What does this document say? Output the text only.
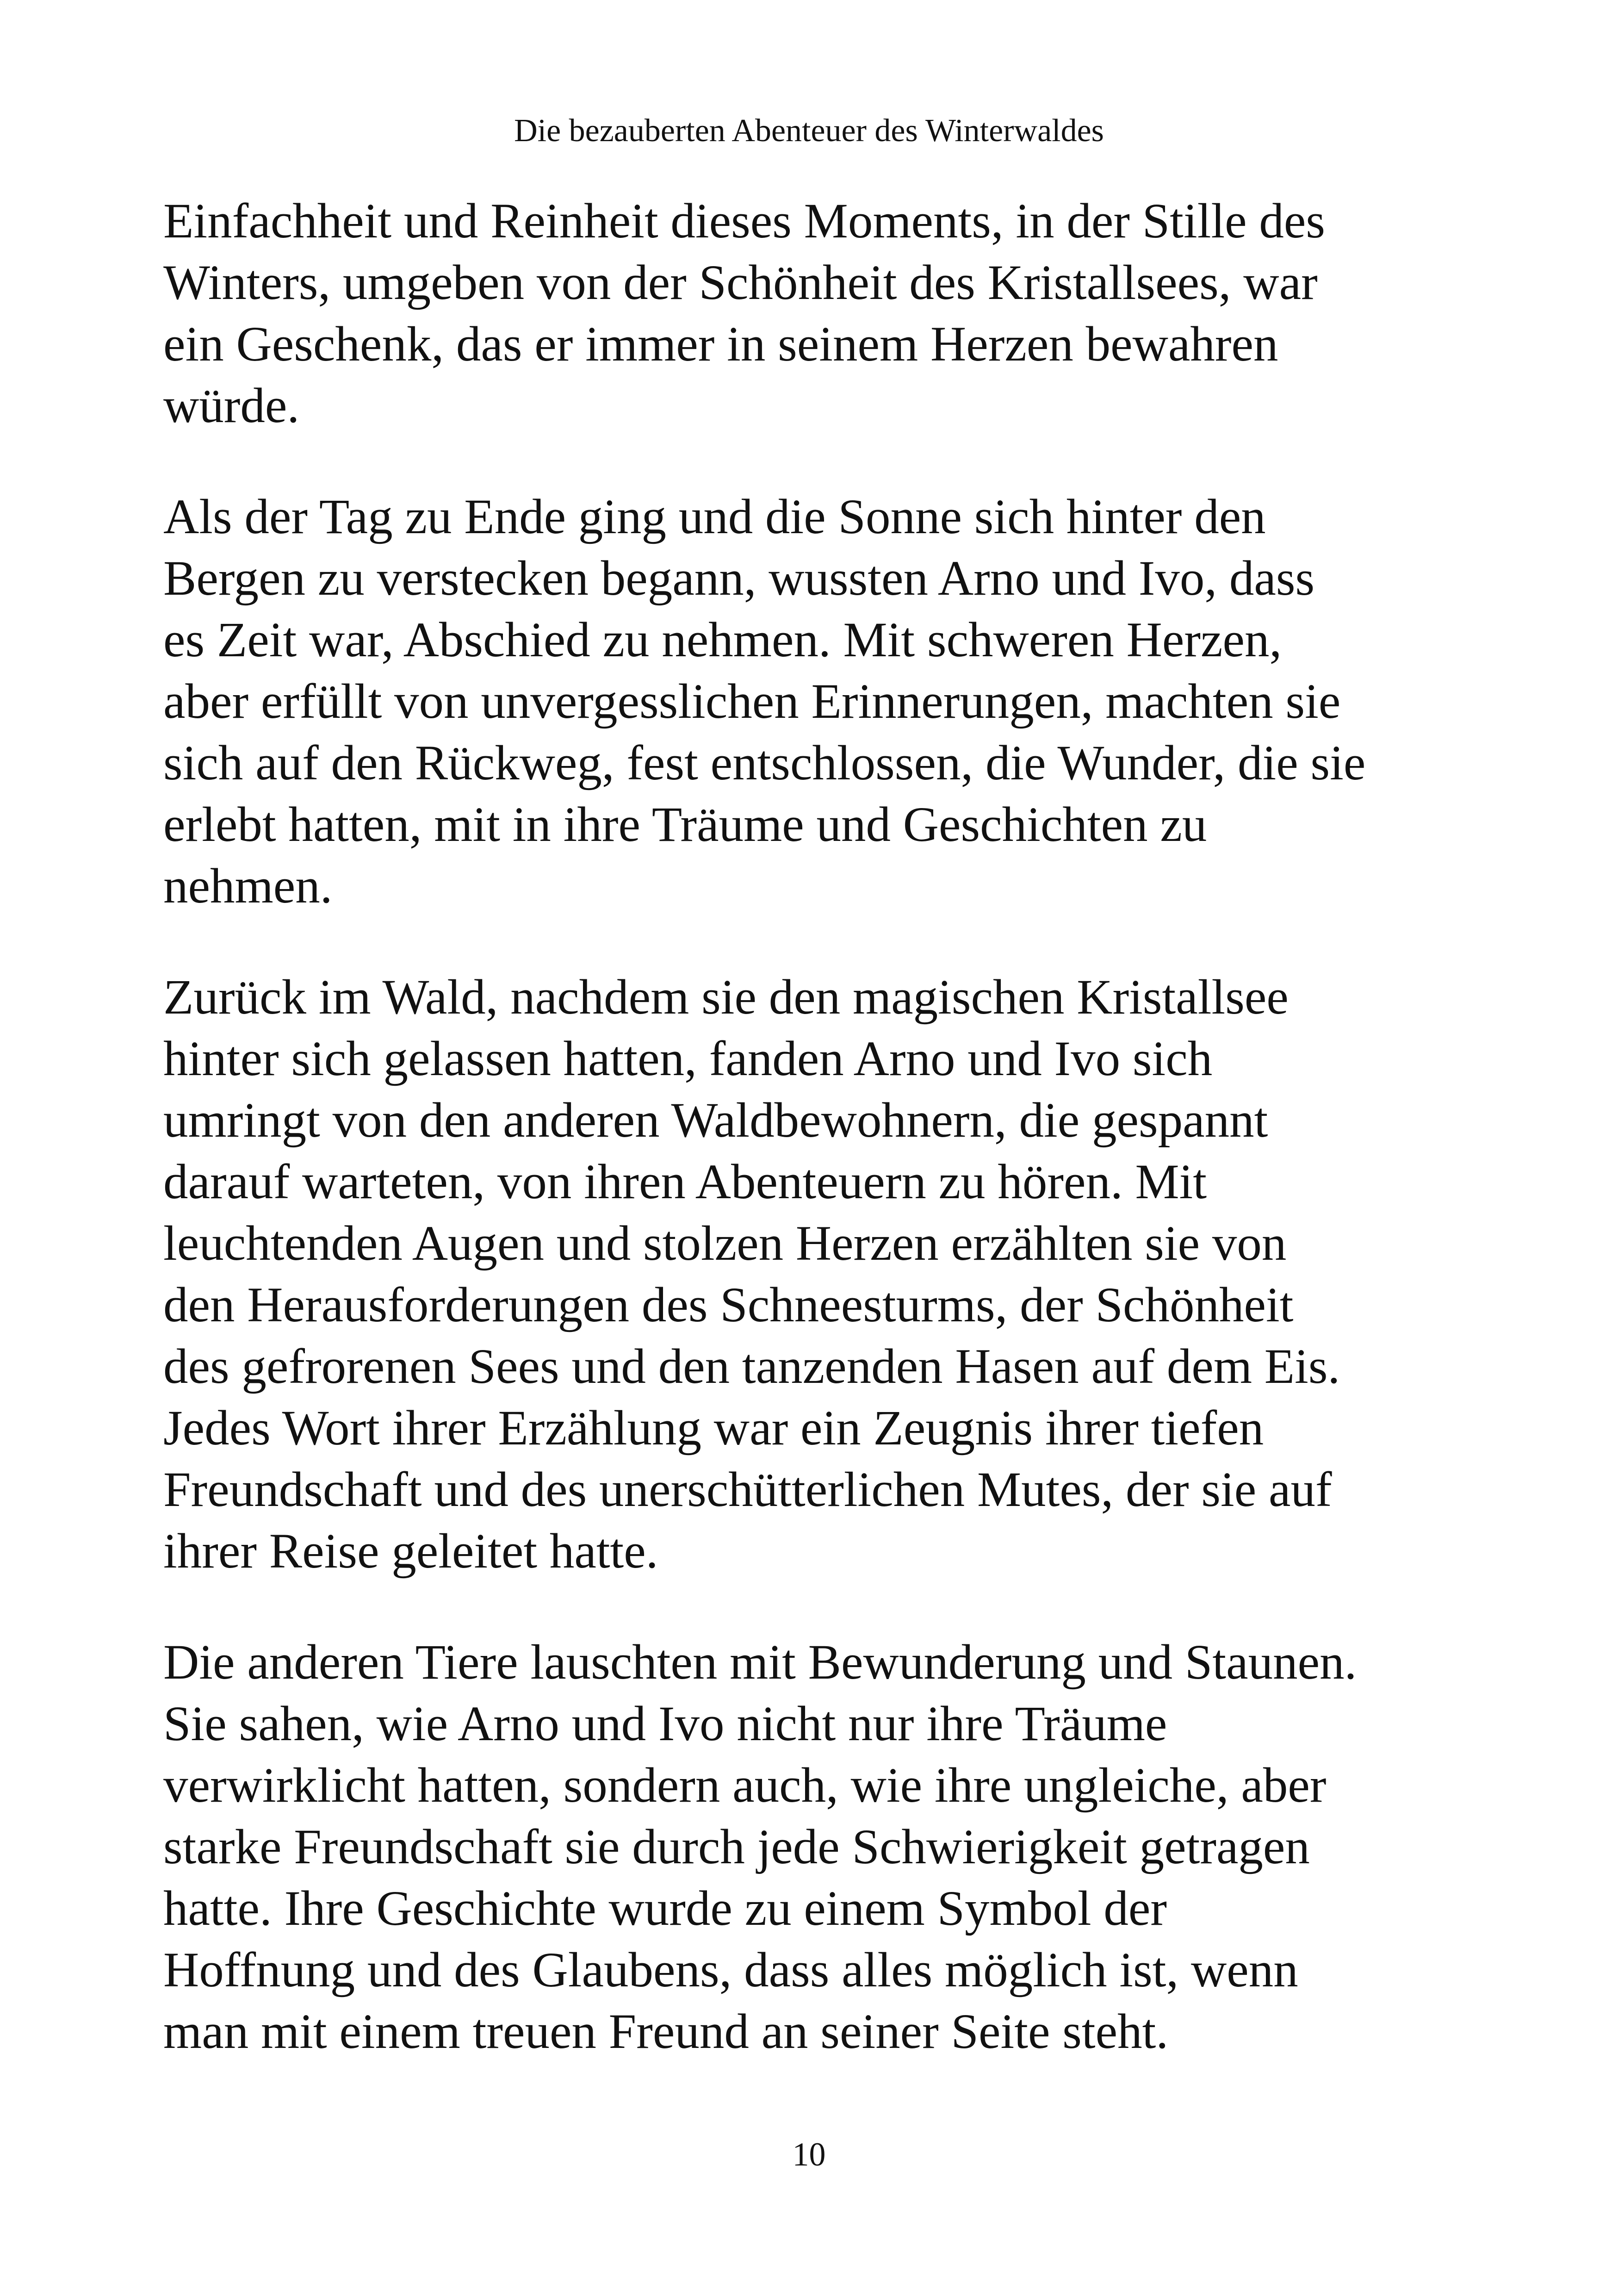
Die bezauberten Abenteuer des Winterwaldes

Einfachheit und Reinheit dieses Moments, in der Stille des
Winters, umgeben von der Schönheit des Kristallsees, war
ein Geschenk, das er immer in seinem Herzen bewahren
würde.

Als der Tag zu Ende ging und die Sonne sich hinter den
Bergen zu verstecken begann, wussten Arno und Ivo, dass
es Zeit war, Abschied zu nehmen. Mit schweren Herzen,
aber erfüllt von unvergesslichen Erinnerungen, machten sie
sich auf den Rückweg, fest entschlossen, die Wunder, die sie
erlebt hatten, mit in ihre Träume und Geschichten zu
nehmen.

Zurück im Wald, nachdem sie den magischen Kristallsee
hinter sich gelassen hatten, fanden Arno und Ivo sich
umringt von den anderen Waldbewohnern, die gespannt
darauf warteten, von ihren Abenteuern zu hören. Mit
leuchtenden Augen und stolzen Herzen erzählten sie von
den Herausforderungen des Schneesturms, der Schönheit
des gefrorenen Sees und den tanzenden Hasen auf dem Eis.
Jedes Wort ihrer Erzählung war ein Zeugnis ihrer tiefen
Freundschaft und des unerschütterlichen Mutes, der sie auf
ihrer Reise geleitet hatte.

Die anderen Tiere lauschten mit Bewunderung und Staunen.
Sie sahen, wie Arno und Ivo nicht nur ihre Träume
verwirklicht hatten, sondern auch, wie ihre ungleiche, aber
starke Freundschaft sie durch jede Schwierigkeit getragen
hatte. Ihre Geschichte wurde zu einem Symbol der
Hoffnung und des Glaubens, dass alles möglich ist, wenn
man mit einem treuen Freund an seiner Seite steht.

10
